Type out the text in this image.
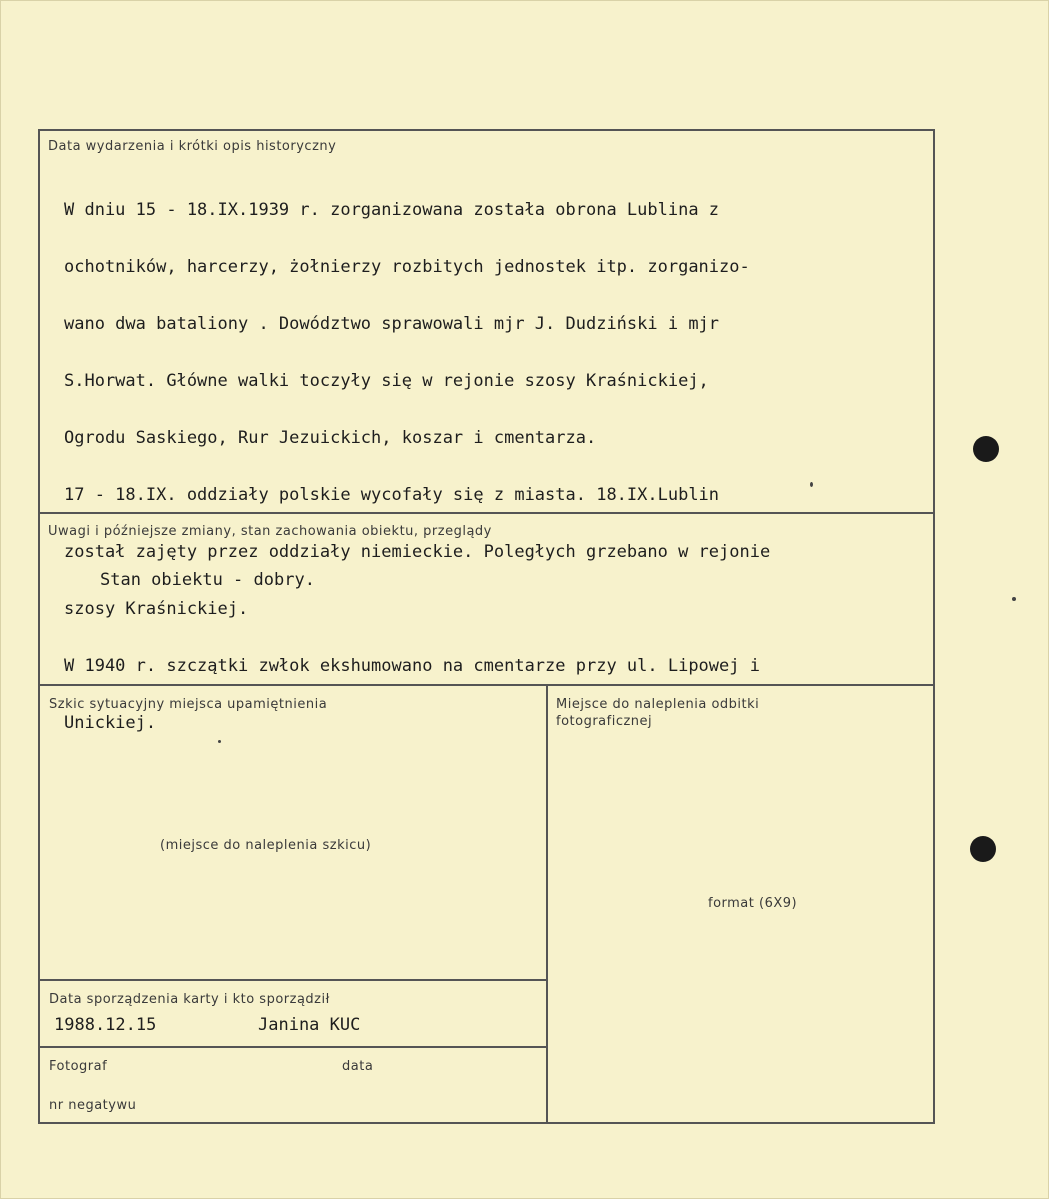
Data wydarzenia i krótki opis historyczny

W dniu 15 - 18.IX.1939 r. zorganizowana została obrona Lublina z

ochotników, harcerzy, żołnierzy rozbitych jednostek itp. zorganizo-

wano dwa bataliony . Dowództwo sprawowali mjr J. Dudziński i mjr

S.Horwat. Główne walki toczyły się w rejonie szosy Kraśnickiej,

Ogrodu Saskiego, Rur Jezuickich, koszar i cmentarza.

17 - 18.IX. oddziały polskie wycofały się z miasta. 18.IX.Lublin

został zajęty przez oddziały niemieckie. Poległych grzebano w rejonie

szosy Kraśnickiej.

W 1940 r. szczątki zwłok ekshumowano na cmentarze przy ul. Lipowej i

Unickiej.

Uwagi i późniejsze zmiany, stan zachowania obiektu, przeglądy
Stan obiektu - dobry.
Szkic sytuacyjny miejsca upamiętnienia
(miejsce do naleplenia szkicu)
Miejsce do naleplenia odbitki
fotograficznej
format (6X9)
Data sporządzenia karty i kto sporządził
1988.12.15	Janina KUC
Fotograf	data
nr negatywu
